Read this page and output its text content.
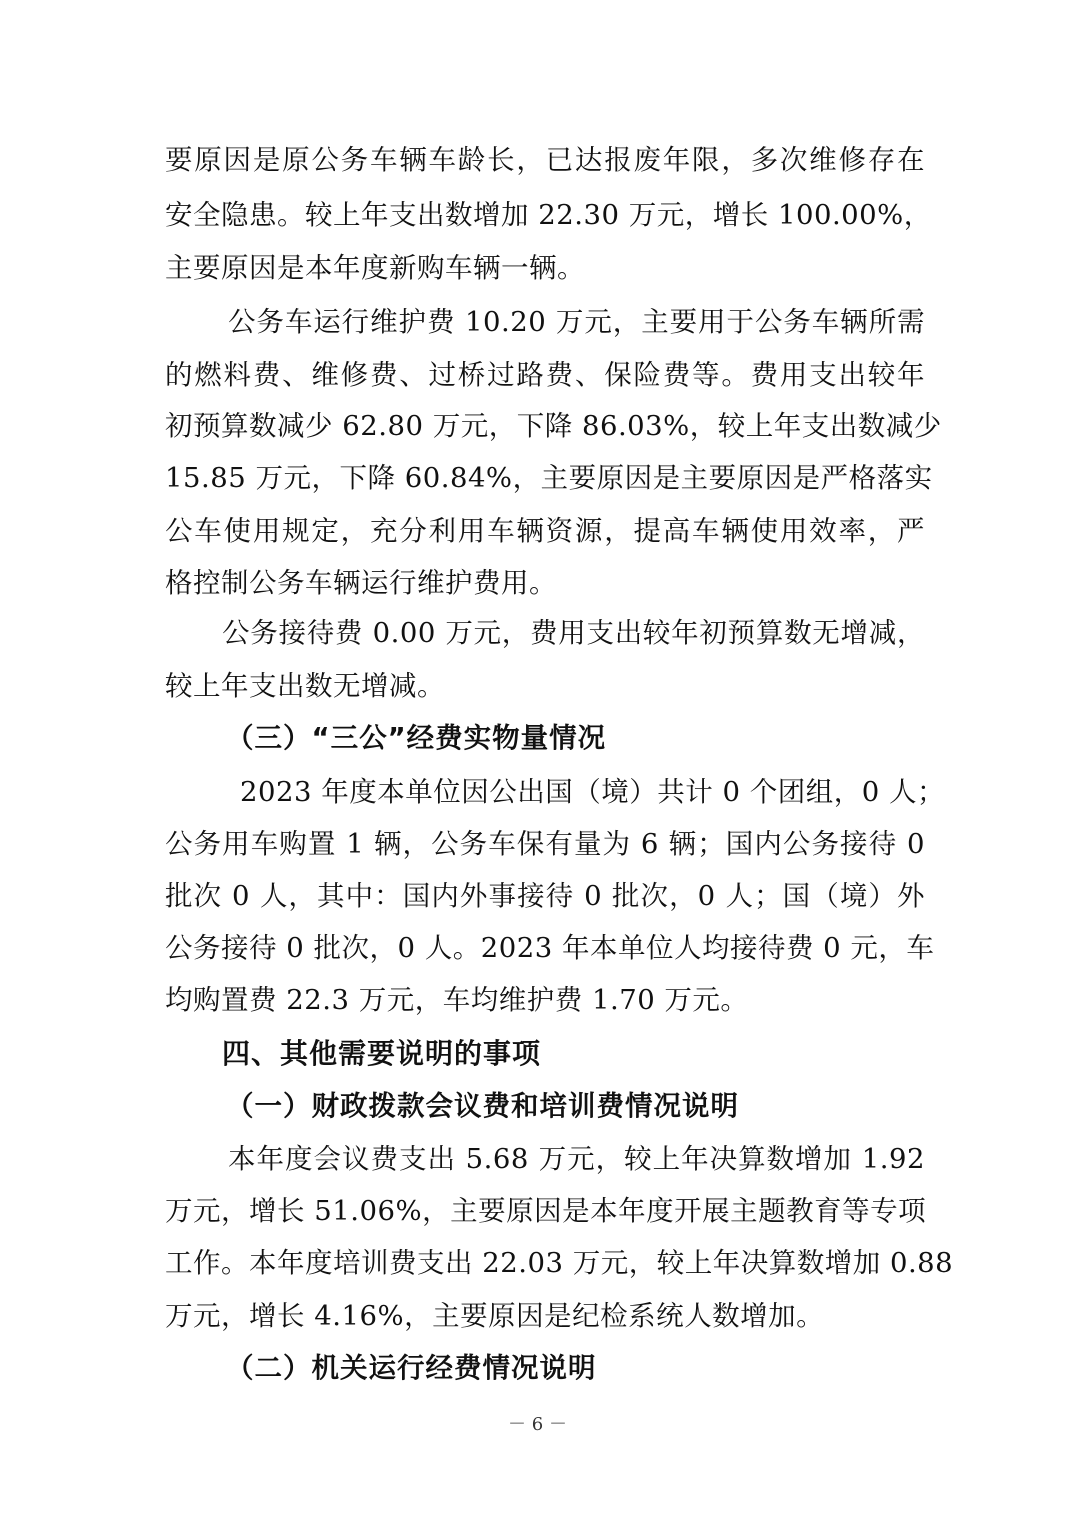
要原因是原公务车辆车龄长，已达报废年限，多次维修存在
安全隐患。较上年支出数增加 22.30 万元，增长 100.00%，
主要原因是本年度新购车辆一辆。
公务车运行维护费 10.20 万元，主要用于公务车辆所需
的燃料费、维修费、过桥过路费、保险费等。费用支出较年
初预算数减少 62.80 万元，下降 86.03%，较上年支出数减少
15.85 万元，下降 60.84%，主要原因是主要原因是严格落实
公车使用规定，充分利用车辆资源，提高车辆使用效率，严
格控制公务车辆运行维护费用。
公务接待费 0.00 万元，费用支出较年初预算数无增减，
较上年支出数无增减。
（三）“三公”经费实物量情况
2023 年度本单位因公出国（境）共计 0 个团组，0 人；
公务用车购置 1 辆，公务车保有量为 6 辆；国内公务接待 0
批次 0 人，其中：国内外事接待 0 批次，0 人；国（境）外
公务接待 0 批次，0 人。2023 年本单位人均接待费 0 元，车
均购置费 22.3 万元，车均维护费 1.70 万元。
四、其他需要说明的事项
（一）财政拨款会议费和培训费情况说明
本年度会议费支出 5.68 万元，较上年决算数增加 1.92
万元，增长 51.06%，主要原因是本年度开展主题教育等专项
工作。本年度培训费支出 22.03 万元，较上年决算数增加 0.88
万元，增长 4.16%，主要原因是纪检系统人数增加。
（二）机关运行经费情况说明
－ 6 －
